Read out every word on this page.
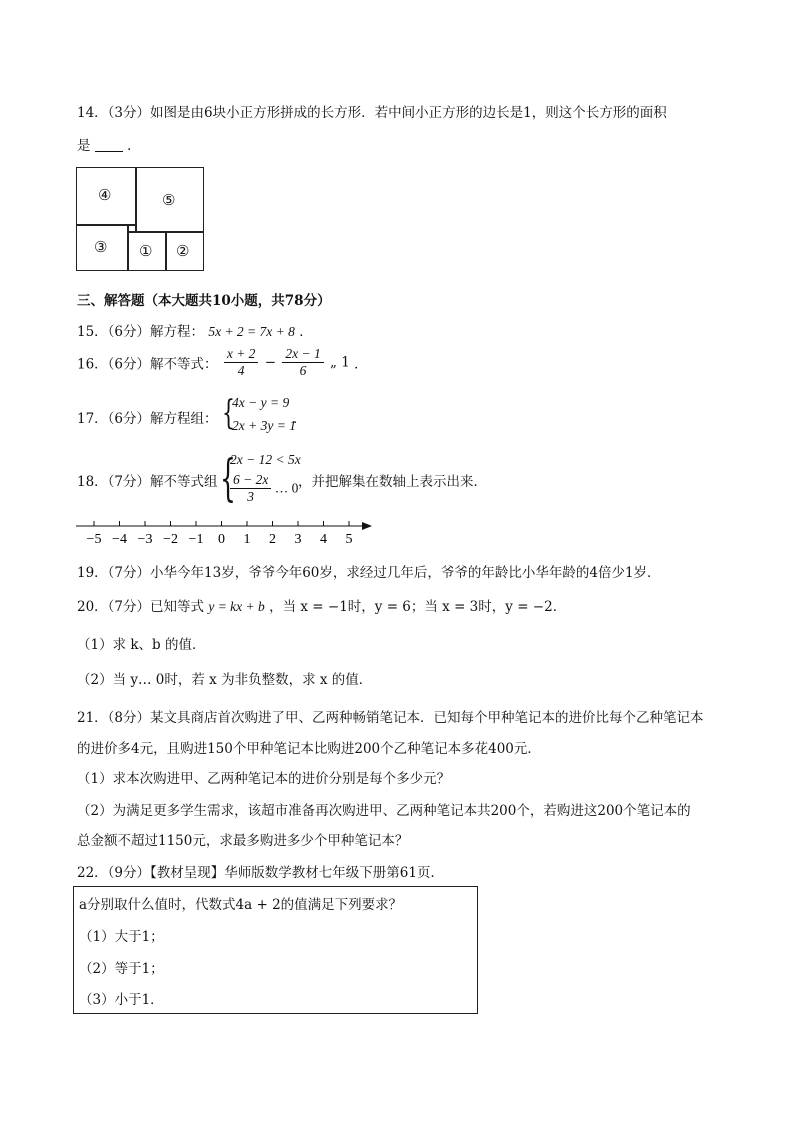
14．（3分）如图是由6块小正方形拼成的长方形．若中间小正方形的边长是1，则这个长方形的面积
是	．
④	⑤
③ ① ②
三、解答题（本大题共10小题，共78分）
15．（6分）解方程： 5x + 2 = 7x + 8 ．
16．（6分）解不等式： $\frac{x + 2}{4} - \frac{2x - 1}{6}$ „ 1 ．
17．（6分）解方程组： {
4x − y = 9
2x + 3y = 1
．
18．（7分）解不等式组 {
2x − 12 < 5x
$\frac{6 - 2x}{3}$ … 0 ，并把解集在数轴上表示出来．
−5 −4 −3 −2 −1 0 1 2 3 4 5
19．（7分）小华今年13岁，爷爷今年60岁，求经过几年后，爷爷的年龄比小华年龄的4倍少1岁．
20．（7分）已知等式 y = kx + b ，当 x = −1时，y = 6；当 x = 3时，y = −2．
（1）求 k、b 的值．
（2）当 y… 0时，若 x 为非负整数，求 x 的值．
21．（8分）某文具商店首次购进了甲、乙两种畅销笔记本．已知每个甲种笔记本的进价比每个乙种笔记本
的进价多4元，且购进150个甲种笔记本比购进200个乙种笔记本多花400元．
（1）求本次购进甲、乙两种笔记本的进价分别是每个多少元？
（2）为满足更多学生需求，该超市准备再次购进甲、乙两种笔记本共200个，若购进这200个笔记本的
总金额不超过1150元，求最多购进多少个甲种笔记本？
22．（9分）【教材呈现】华师版数学教材七年级下册第61页．
a分别取什么值时，代数式4a + 2的值满足下列要求？
（1）大于1；
（2）等于1；
（3）小于1．
